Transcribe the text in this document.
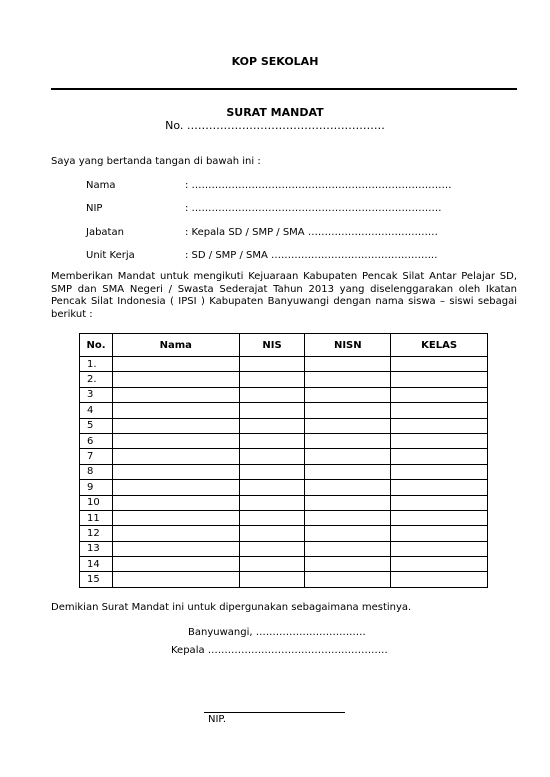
KOP SEKOLAH
SURAT MANDAT
No. ………………………………………………
Saya yang bertanda tangan di bawah ini :
Nama	: ……………………………………………………………………
NIP	: …………………………………………………………………
Jabatan	: Kepala SD / SMP / SMA …………………………………
Unit Kerja	: SD / SMP / SMA …………………………………………..
Memberikan Mandat untuk mengikuti Kejuaraan Kabupaten Pencak Silat Antar Pelajar SD, SMP dan SMA Negeri / Swasta Sederajat Tahun 2013 yang diselenggarakan oleh Ikatan Pencak Silat Indonesia ( IPSI ) Kabupaten Banyuwangi dengan nama siswa – siswi sebagai berikut :
No.	Nama	NIS	NISN	KELAS
1.				
2.				
3				
4				
5				
6				
7				
8				
9				
10				
11				
12				
13				
14				
15				
Demikian Surat Mandat ini untuk dipergunakan sebagaimana mestinya.
Banyuwangi, ……………………………
Kepala ………………………………………………
NIP.
